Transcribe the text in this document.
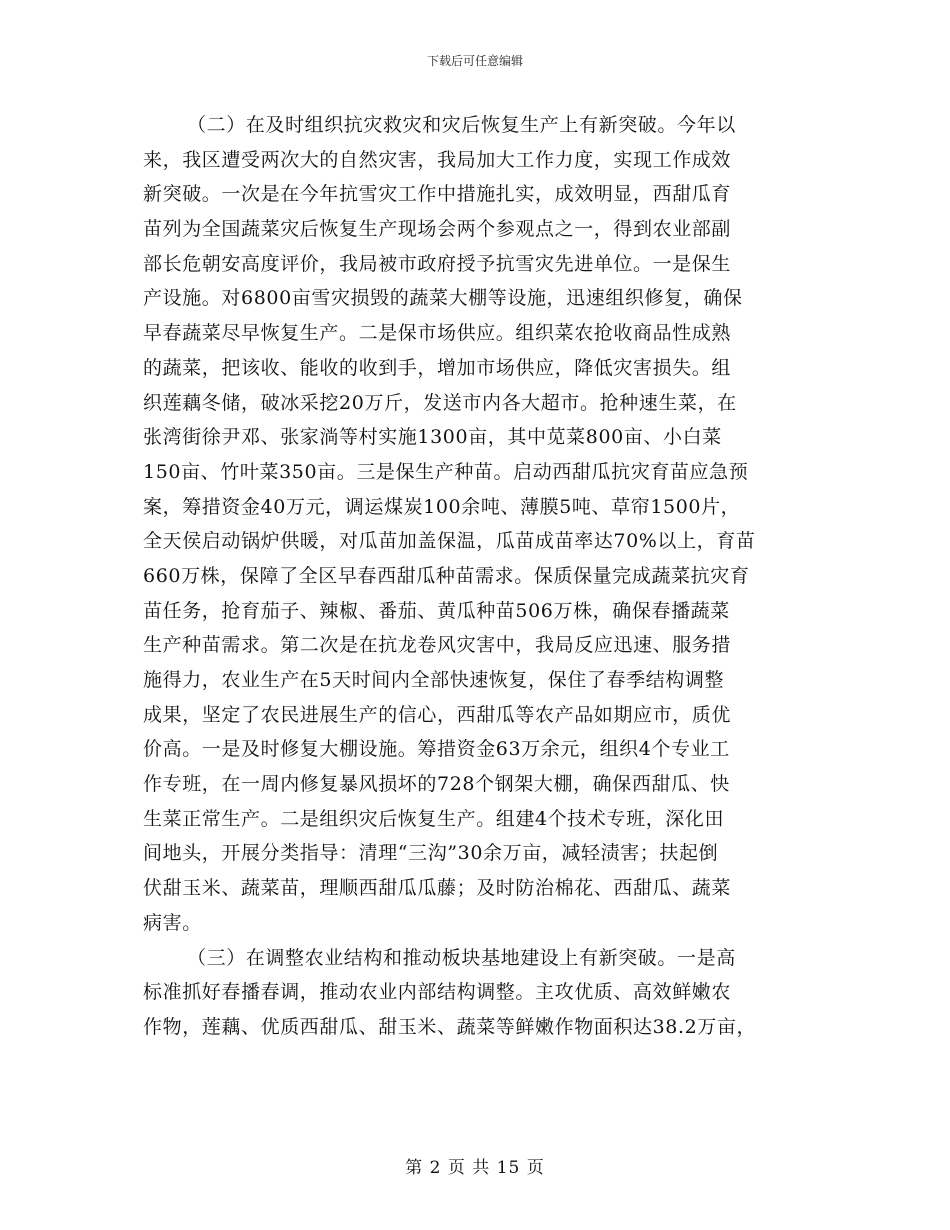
下载后可任意编辑
（二）在及时组织抗灾救灾和灾后恢复生产上有新突破。今年以
来，我区遭受两次大的自然灾害，我局加大工作力度，实现工作成效
新突破。一次是在今年抗雪灾工作中措施扎实，成效明显，西甜瓜育
苗列为全国蔬菜灾后恢复生产现场会两个参观点之一，得到农业部副
部长危朝安高度评价，我局被市政府授予抗雪灾先进单位。一是保生
产设施。对6800亩雪灾损毁的蔬菜大棚等设施，迅速组织修复，确保
早春蔬菜尽早恢复生产。二是保市场供应。组织菜农抢收商品性成熟
的蔬菜，把该收、能收的收到手，增加市场供应，降低灾害损失。组
织莲藕冬储，破冰采挖20万斤，发送市内各大超市。抢种速生菜，在
张湾街徐尹邓、张家淌等村实施1300亩，其中苋菜800亩、小白菜
150亩、竹叶菜350亩。三是保生产种苗。启动西甜瓜抗灾育苗应急预
案，筹措资金40万元，调运煤炭100余吨、薄膜5吨、草帘1500片，
全天侯启动锅炉供暖，对瓜苗加盖保温，瓜苗成苗率达70%以上，育苗
660万株，保障了全区早春西甜瓜种苗需求。保质保量完成蔬菜抗灾育
苗任务，抢育茄子、辣椒、番茄、黄瓜种苗506万株，确保春播蔬菜
生产种苗需求。第二次是在抗龙卷风灾害中，我局反应迅速、服务措
施得力，农业生产在5天时间内全部快速恢复，保住了春季结构调整
成果，坚定了农民进展生产的信心，西甜瓜等农产品如期应市，质优
价高。一是及时修复大棚设施。筹措资金63万余元，组织4个专业工
作专班，在一周内修复暴风损坏的728个钢架大棚，确保西甜瓜、快
生菜正常生产。二是组织灾后恢复生产。组建4个技术专班，深化田
间地头，开展分类指导：清理“三沟”30余万亩，减轻渍害；扶起倒
伏甜玉米、蔬菜苗，理顺西甜瓜瓜藤；及时防治棉花、西甜瓜、蔬菜
病害。
（三）在调整农业结构和推动板块基地建设上有新突破。一是高
标准抓好春播春调，推动农业内部结构调整。主攻优质、高效鲜嫩农
作物，莲藕、优质西甜瓜、甜玉米、蔬菜等鲜嫩作物面积达38.2万亩，
第 2 页 共 15 页
